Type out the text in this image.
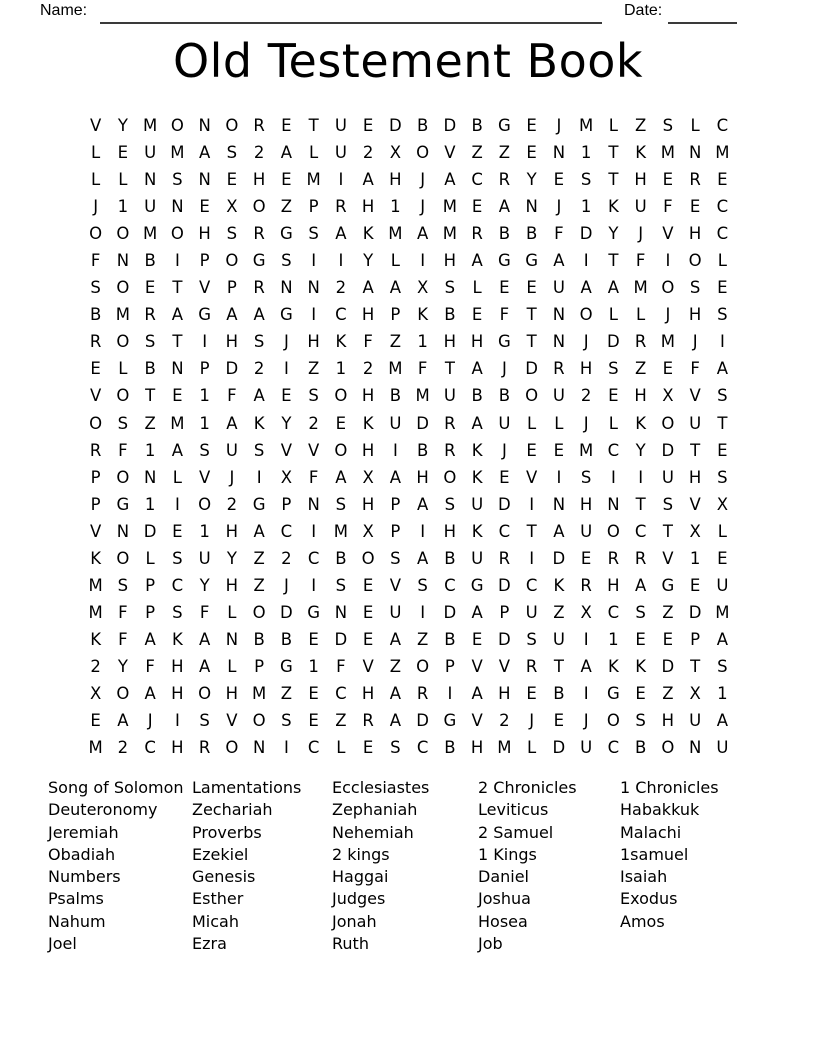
Name:	Date:
Old Testement Book
V	Y M O N O R E	T U E D B D B G E	J	M L	Z S	L	C
L	E U M A S	2 A	L	U 2 X O V Z Z E N 1	T	K M N M
L	L N S N E H E M	I	A H	J	A C R Y	E	S	T H E R E
J	1 U N E X O Z	P	R H 1	J	M E A N	J	1	K U F	E C
O O M O H S R G S A K M A M R B B	F D Y	J	V H C
F N B	I	P O G S	I	I	Y	L	I	H A G G A	I	T	F	I	O L
S O E	T	V	P	R N N 2 A A X S	L	E	E U A A M O S	E
B M R A G A A G	I	C H P	K B E	F	T N O L	L	J	H S
R O S	T	I	H S	J	H K	F	Z 1 H H G T N	J	D R M	J	I
E	L	B N P D 2	I	Z 1	2 M F	T	A	J	D R H S Z E	F	A
V O T	E	1	F	A E	S O H B M U B B O U 2	E H X V S
O S Z M 1 A K	Y	2	E	K U D R A U	L	L	J	L	K O U T
R	F	1 A S U S V V O H	I	B R K	J	E	E M C Y D T	E
P O N L	V	J	I	X	F	A X A H O K	E V	I	S	I	I	U H S
P G 1	I	O 2 G P N S H P	A S U D	I	N H N T	S V X
V N D E	1 H A C	I	M X	P	I	H K C T	A U O C T	X	L
K O L	S U Y	Z 2 C B O S A B U R	I	D E R R V 1	E
M S	P	C Y H Z	J	I	S	E V S C G D C K R H A G E U
M F	P	S	F	L O D G N E U	I	D A	P U Z X C S Z D M
K	F	A K A N B B E D E A Z B E D S U	I	1	E	E	P	A
2	Y	F H A	L	P G 1	F	V Z O P	V V R T	A K K D T	S
X O A H O H M Z E C H A R	I	A H E B	I	G E Z X 1
E A	J	I	S V O S	E Z R A D G V 2	J	E	J	O S H U A
M 2 C H R O N	I	C	L	E	S C B H M L D U C B O N U
Song of Solomon
Deuteronomy
Jeremiah
Obadiah
Numbers
Psalms
Nahum
Joel
Lamentations
Zechariah
Proverbs
Ezekiel
Genesis
Esther
Micah
Ezra
Ecclesiastes
Zephaniah
Nehemiah
2 kings
Haggai
Judges
Jonah
Ruth
2 Chronicles
Leviticus
2 Samuel
1 Kings
Daniel
Joshua
Hosea
Job
1 Chronicles
Habakkuk
Malachi
1samuel
Isaiah
Exodus
Amos
